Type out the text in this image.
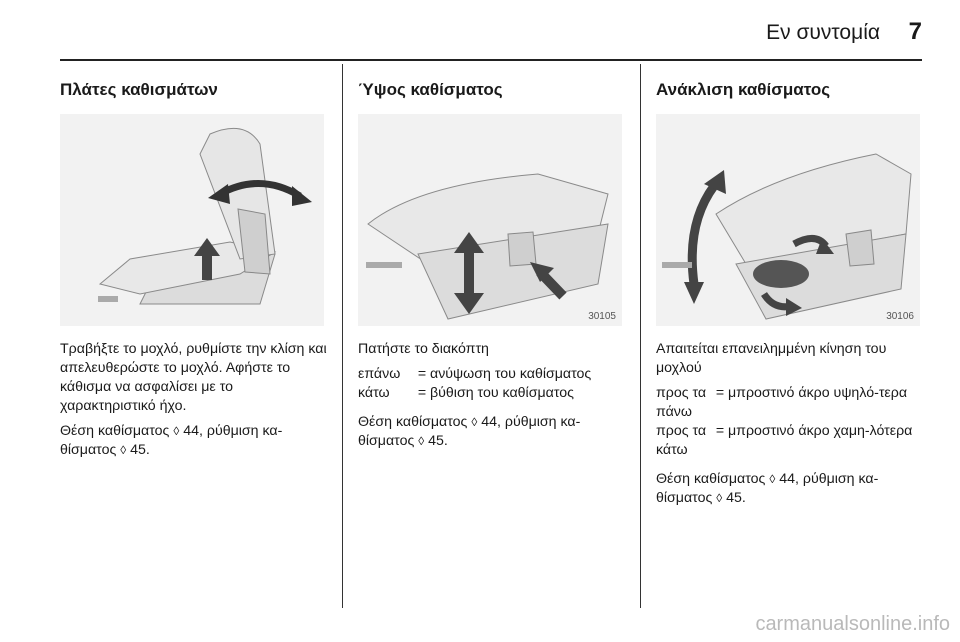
Εν συντομία 7
Πλάτες καθισμάτων

Τραβήξτε το μοχλό, ρυθμίστε την κλίση και απελευθερώστε το μοχλό. Αφήστε το κάθισμα να ασφαλίσει με το χαρακτηριστικό ήχο.

Θέση καθίσματος ◊ 44, ρύθμιση κα-θίσματος ◊ 45.

Ύψος καθίσματος
30105

Πατήστε το διακόπτη

επάνω	=	ανύψωση του καθίσματος
κάτω	=	βύθιση του καθίσματος

Θέση καθίσματος ◊ 44, ρύθμιση κα-θίσματος ◊ 45.

Ανάκλιση καθίσματος
30106

Απαιτείται επανειλημμένη κίνηση του μοχλού

προς τα πάνω	=	μπροστινό άκρο υψηλό-τερα
προς τα κάτω	=	μπροστινό άκρο χαμη-λότερα

Θέση καθίσματος ◊ 44, ρύθμιση κα-θίσματος ◊ 45.

carmanualsonline.info
